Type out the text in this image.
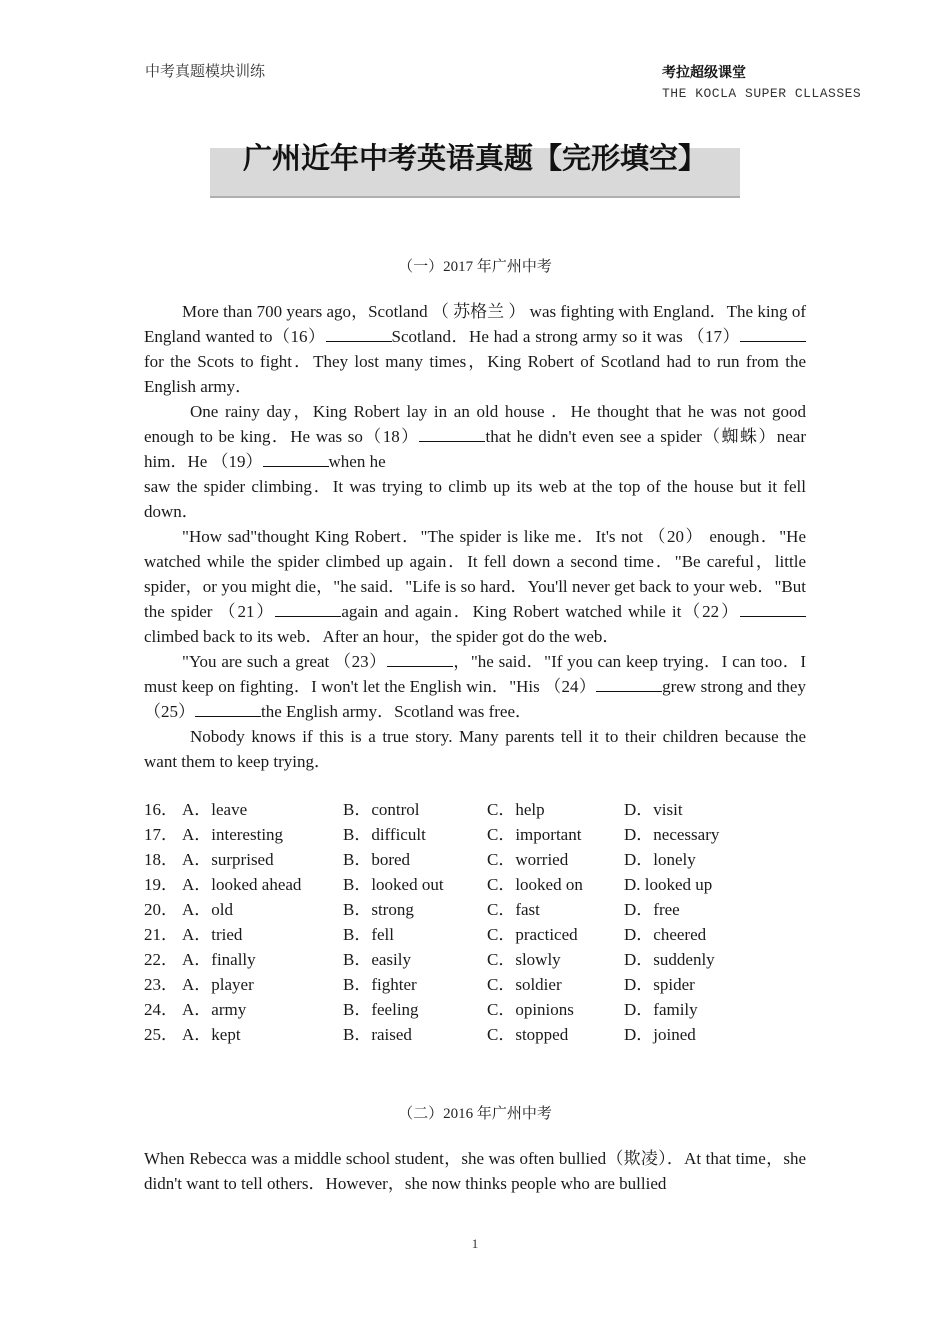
中考真题模块训练	考拉超级课堂
THE KOCLA SUPER CLLASSES
广州近年中考英语真题【完形填空】
（一）2017 年广州中考

More than 700 years ago，Scotland （ 苏格兰 ） was fighting with England．The king of England wanted to（16）	Scotland．He had a strong army so it was （17）for the Scots to fight．They lost many times，King Robert of Scotland had to run from the English army．

One rainy day，King Robert lay in an old house ．He thought that he was not good enough to be king．He was so（18）	that he didn't even see a spider（蜘蛛）near him．He （19）	when he

saw the spider climbing．It was trying to climb up its web at the top of the house but it fell down．

"How sad"thought King Robert．"The spider is like me．It's not （20） enough．"He watched while the spider climbed up again．It fell down a second time．"Be careful，little spider，or you might die，"he said．"Life is so hard．You'll never get back to your web．"But the spider （21）	again and again．King Robert watched while it（22）climbed back to its web．After an hour，the spider got do the web．

"You are such a great （23）	，"he said．"If you can keep trying．I can too．I must keep on fighting．I won't let the English win．"His （24）	grew strong and they （25）	the English army．Scotland was free．

Nobody knows if this is a true story. Many parents tell it to their children because the want them to keep trying．

16． A．leave	B．control	C．help	D．visit
17． A．interesting	B．difficult	C．important	D．necessary
18． A．surprised	B．bored	C．worried	D．lonely
19． A．looked ahead B．looked out	C．looked on D. looked up
20． A．old	B．strong	C．fast	D．free
21． A．tried	B．fell	C．practiced	D．cheered
22． A．finally	B．easily	C．slowly	D．suddenly
23． A．player	B．fighter	C．soldier	D．spider
24． A．army	B．feeling	C．opinions	D．family
25． A．kept	B．raised	C．stopped	D．joined
（二）2016 年广州中考

When Rebecca was a middle school student，she was often bullied（欺凌）．At that time，she didn't want to tell others．However，she now thinks people who are bullied

1
